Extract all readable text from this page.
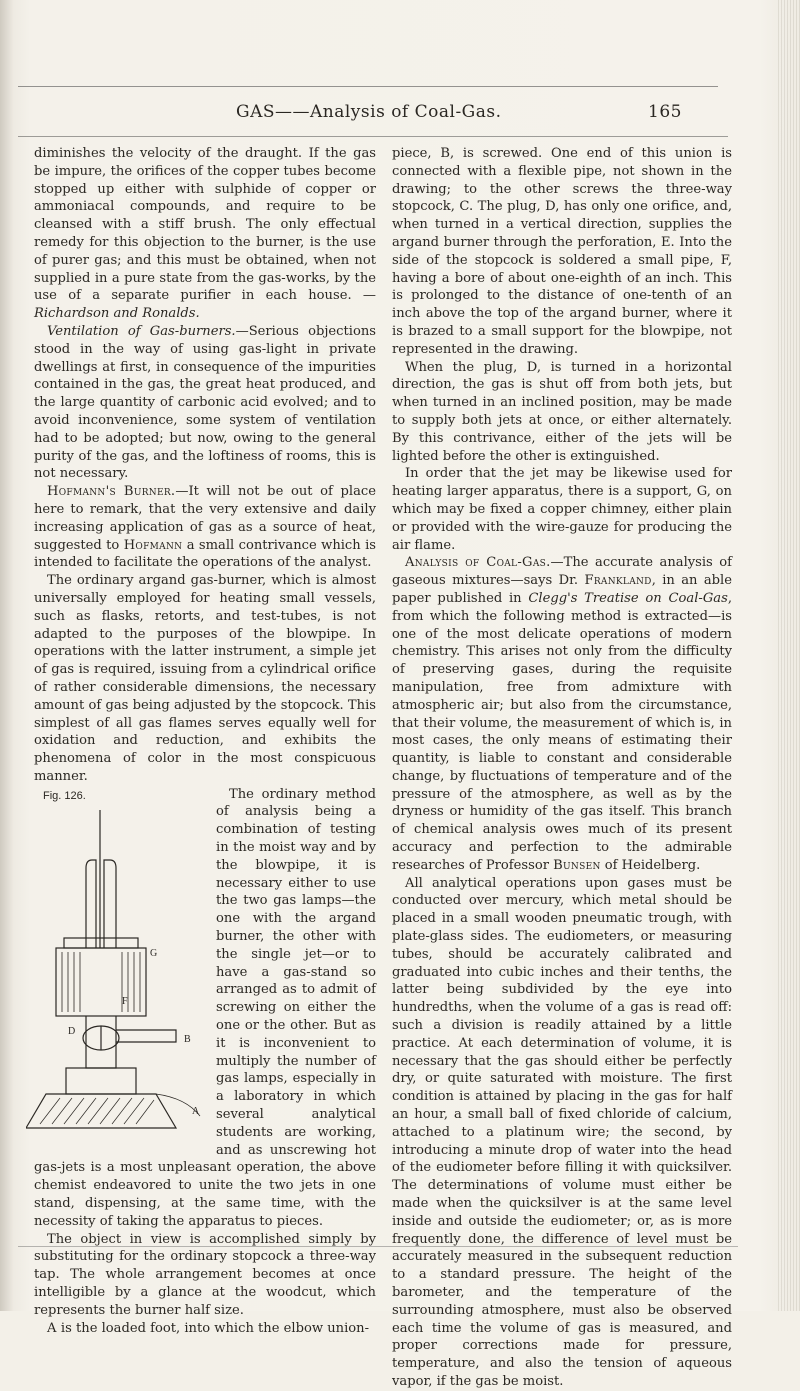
GAS——Analysis of Coal-Gas.	165

diminishes the velocity of the draught. If the gas be impure, the orifices of the copper tubes become stopped up either with sulphide of copper or ammoniacal compounds, and require to be cleansed with a stiff brush. The only effectual remedy for this objection to the burner, is the use of purer gas; and this must be obtained, when not supplied in a pure state from the gas-works, by the use of a separate purifier in each house. —Richardson and Ronalds.

Ventilation of Gas-burners.—Serious objections stood in the way of using gas-light in private dwellings at first, in consequence of the impurities contained in the gas, the great heat produced, and the large quantity of carbonic acid evolved; and to avoid inconvenience, some system of ventilation had to be adopted; but now, owing to the general purity of the gas, and the loftiness of rooms, this is not necessary.

Hofmann's Burner.—It will not be out of place here to remark, that the very extensive and daily increasing application of gas as a source of heat, suggested to Hofmann a small contrivance which is intended to facilitate the operations of the analyst.

The ordinary argand gas-burner, which is almost universally employed for heating small vessels, such as flasks, retorts, and test-tubes, is not adapted to the purposes of the blowpipe. In operations with the latter instrument, a simple jet of gas is required, issuing from a cylindrical orifice of rather considerable dimensions, the necessary amount of gas being adjusted by the stopcock. This simplest of all gas flames serves equally well for oxidation and reduction, and exhibits the phenomena of color in the most conspicuous manner.

Fig. 126.
G
F
D
B
A
The ordinary method of analysis being a combination of testing in the moist way and by the blowpipe, it is necessary either to use the two gas lamps—the one with the argand burner, the other with the single jet—or to have a gas-stand so arranged as to admit of screwing on either the one or the other. But as it is inconvenient to multiply the number of gas lamps, especially in a laboratory in which several analytical students are working, and as unscrewing hot gas-jets is a most unpleasant operation, the above chemist endeavored to unite the two jets in one stand, dispensing, at the same time, with the necessity of taking the apparatus to pieces.

The object in view is accomplished simply by substituting for the ordinary stopcock a three-way tap. The whole arrangement becomes at once intelligible by a glance at the woodcut, which represents the burner half size.

A is the loaded foot, into which the elbow union-

piece, B, is screwed. One end of this union is connected with a flexible pipe, not shown in the drawing; to the other screws the three-way stopcock, C. The plug, D, has only one orifice, and, when turned in a vertical direction, supplies the argand burner through the perforation, E. Into the side of the stopcock is soldered a small pipe, F, having a bore of about one-eighth of an inch. This is prolonged to the distance of one-tenth of an inch above the top of the argand burner, where it is brazed to a small support for the blowpipe, not represented in the drawing.

When the plug, D, is turned in a horizontal direction, the gas is shut off from both jets, but when turned in an inclined position, may be made to supply both jets at once, or either alternately. By this contrivance, either of the jets will be lighted before the other is extinguished.

In order that the jet may be likewise used for heating larger apparatus, there is a support, G, on which may be fixed a copper chimney, either plain or provided with the wire-gauze for producing the air flame.

Analysis of Coal-Gas.—The accurate analysis of gaseous mixtures—says Dr. Frankland, in an able paper published in Clegg's Treatise on Coal-Gas, from which the following method is extracted—is one of the most delicate operations of modern chemistry. This arises not only from the difficulty of preserving gases, during the requisite manipulation, free from admixture with atmospheric air; but also from the circumstance, that their volume, the measurement of which is, in most cases, the only means of estimating their quantity, is liable to constant and considerable change, by fluctuations of temperature and of the pressure of the atmosphere, as well as by the dryness or humidity of the gas itself. This branch of chemical analysis owes much of its present accuracy and perfection to the admirable researches of Professor Bunsen of Heidelberg.

All analytical operations upon gases must be conducted over mercury, which metal should be placed in a small wooden pneumatic trough, with plate-glass sides. The eudiometers, or measuring tubes, should be accurately calibrated and graduated into cubic inches and their tenths, the latter being subdivided by the eye into hundredths, when the volume of a gas is read off: such a division is readily attained by a little practice. At each determination of volume, it is necessary that the gas should either be perfectly dry, or quite saturated with moisture. The first condition is attained by placing in the gas for half an hour, a small ball of fixed chloride of calcium, attached to a platinum wire; the second, by introducing a minute drop of water into the head of the eudiometer before filling it with quicksilver. The determinations of volume must either be made when the quicksilver is at the same level inside and outside the eudiometer; or, as is more frequently done, the difference of level must be accurately measured in the subsequent reduction to a standard pressure. The height of the barometer, and the temperature of the surrounding atmosphere, must also be observed each time the volume of gas is measured, and proper corrections made for pressure, temperature, and also the tension of aqueous vapor, if the gas be moist.
